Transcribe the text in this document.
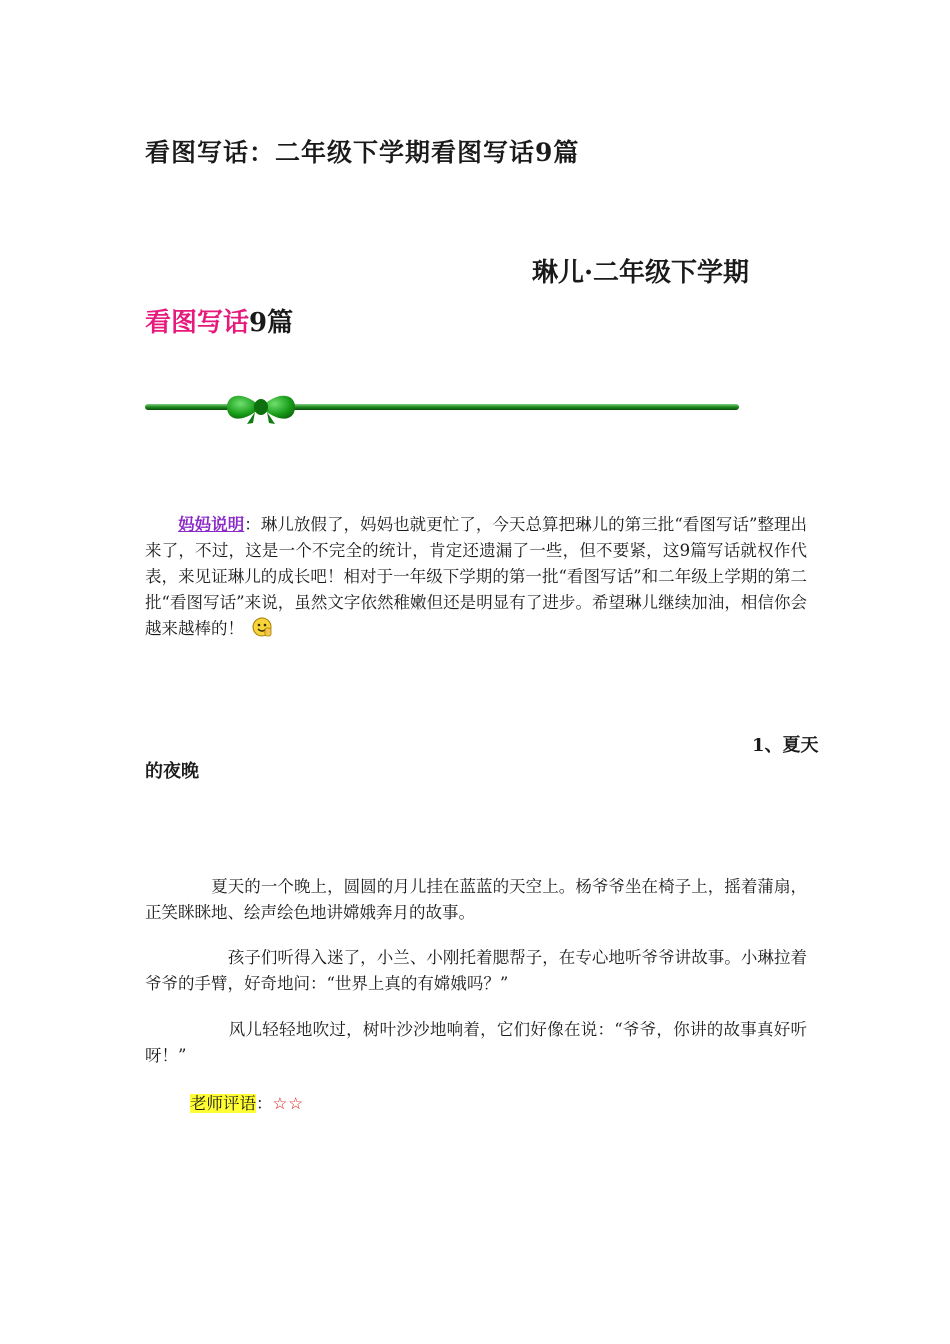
看图写话：二年级下学期看图写话9篇
琳儿·二年级下学期
看图写话9篇
　　妈妈说明：琳儿放假了，妈妈也就更忙了，今天总算把琳儿的第三批“看图写话”整理出来了，不过，这是一个不完全的统计，肯定还遗漏了一些，但不要紧，这9篇写话就权作代表，来见证琳儿的成长吧！相对于一年级下学期的第一批“看图写话”和二年级上学期的第二批“看图写话”来说，虽然文字依然稚嫩但还是明显有了进步。希望琳儿继续加油，相信你会越来越棒的！
1、夏天
的夜晚
　　　　夏天的一个晚上，圆圆的月儿挂在蓝蓝的天空上。杨爷爷坐在椅子上，摇着蒲扇，正笑眯眯地、绘声绘色地讲嫦娥奔月的故事。
　　　　　孩子们听得入迷了，小兰、小刚托着腮帮子，在专心地听爷爷讲故事。小琳拉着爷爷的手臂，好奇地问：“世界上真的有嫦娥吗？”
　　　　　风儿轻轻地吹过，树叶沙沙地响着，它们好像在说：“爷爷，你讲的故事真好听呀！”
老师评语：☆☆
